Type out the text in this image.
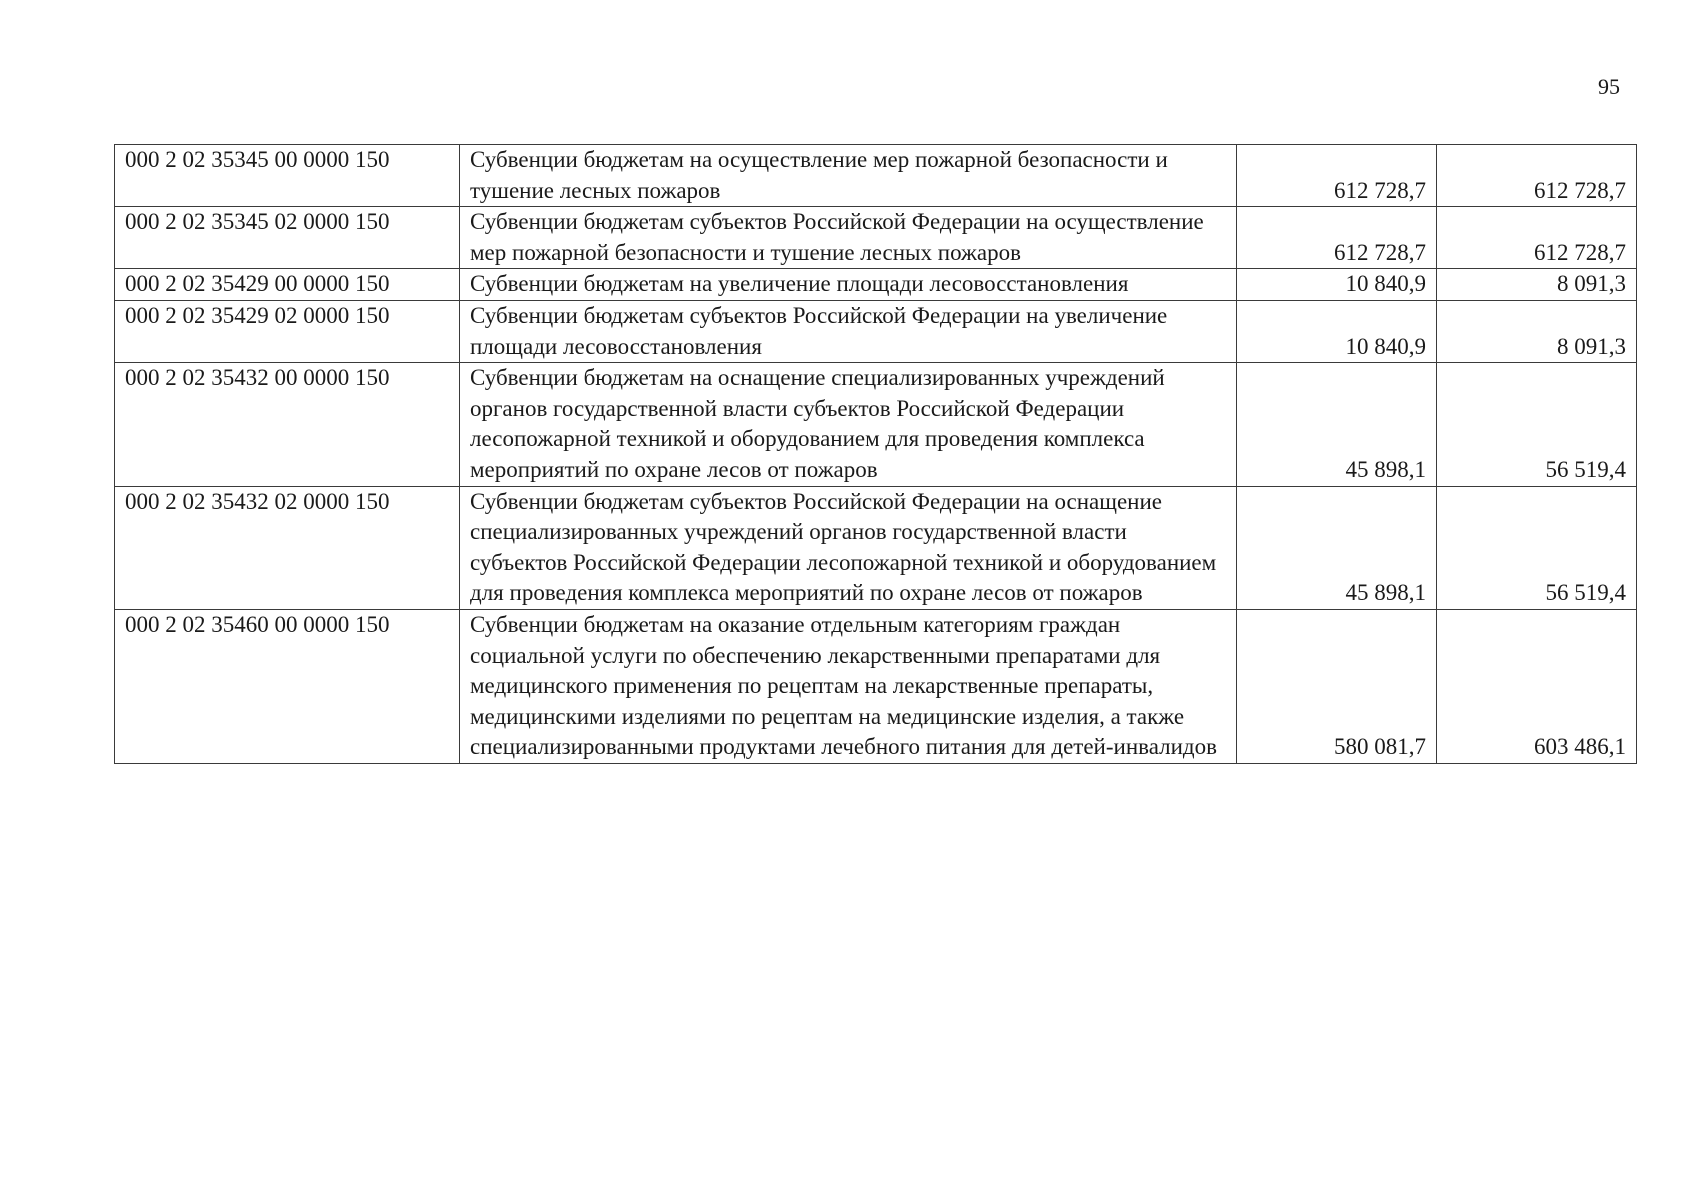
95
000 2 02 35345 00 0000 150	Субвенции бюджетам на осуществление мер пожарной безопасности и тушение лесных пожаров	612 728,7	612 728,7
000 2 02 35345 02 0000 150	Субвенции бюджетам субъектов Российской Федерации на осуществление мер пожарной безопасности и тушение лесных пожаров	612 728,7	612 728,7
000 2 02 35429 00 0000 150	Субвенции бюджетам на увеличение площади лесовосстановления	10 840,9	8 091,3
000 2 02 35429 02 0000 150	Субвенции бюджетам субъектов Российской Федерации на увеличение площади лесовосстановления	10 840,9	8 091,3
000 2 02 35432 00 0000 150	Субвенции бюджетам на оснащение специализированных учреждений органов государственной власти субъектов Российской Федерации лесопожарной техникой и оборудованием для проведения комплекса мероприятий по охране лесов от пожаров	45 898,1	56 519,4
000 2 02 35432 02 0000 150	Субвенции бюджетам субъектов Российской Федерации на оснащение специализированных учреждений органов государственной власти субъектов Российской Федерации лесопожарной техникой и оборудованием для проведения комплекса мероприятий по охране лесов от пожаров	45 898,1	56 519,4
000 2 02 35460 00 0000 150	Субвенции бюджетам на оказание отдельным категориям граждан социальной услуги по обеспечению лекарственными препаратами для медицинского применения по рецептам на лекарственные препараты, медицинскими изделиями по рецептам на медицинские изделия, а также специализированными продуктами лечебного питания для детей-инвалидов	580 081,7	603 486,1
